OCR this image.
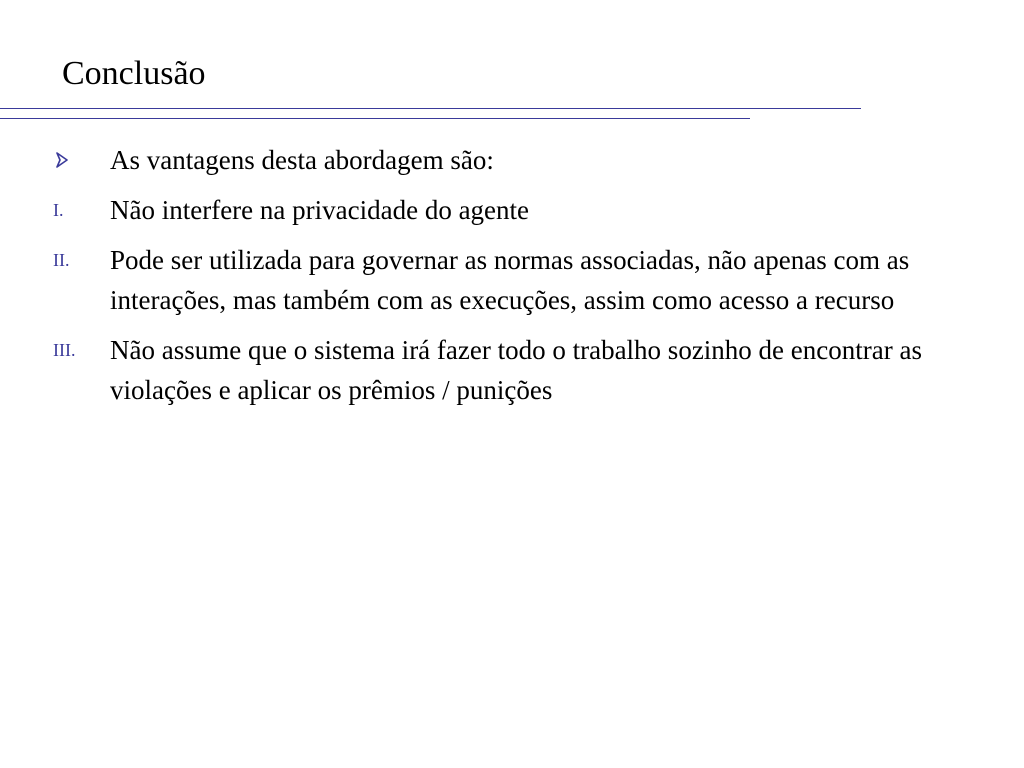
Conclusão
As vantagens desta abordagem são:
I. Não interfere na privacidade do agente
II. Pode ser utilizada para governar as normas associadas, não apenas com as interações, mas também com as execuções, assim como acesso a recurso
III. Não assume que o sistema irá fazer todo o trabalho sozinho de encontrar as violações e aplicar os prêmios / punições
